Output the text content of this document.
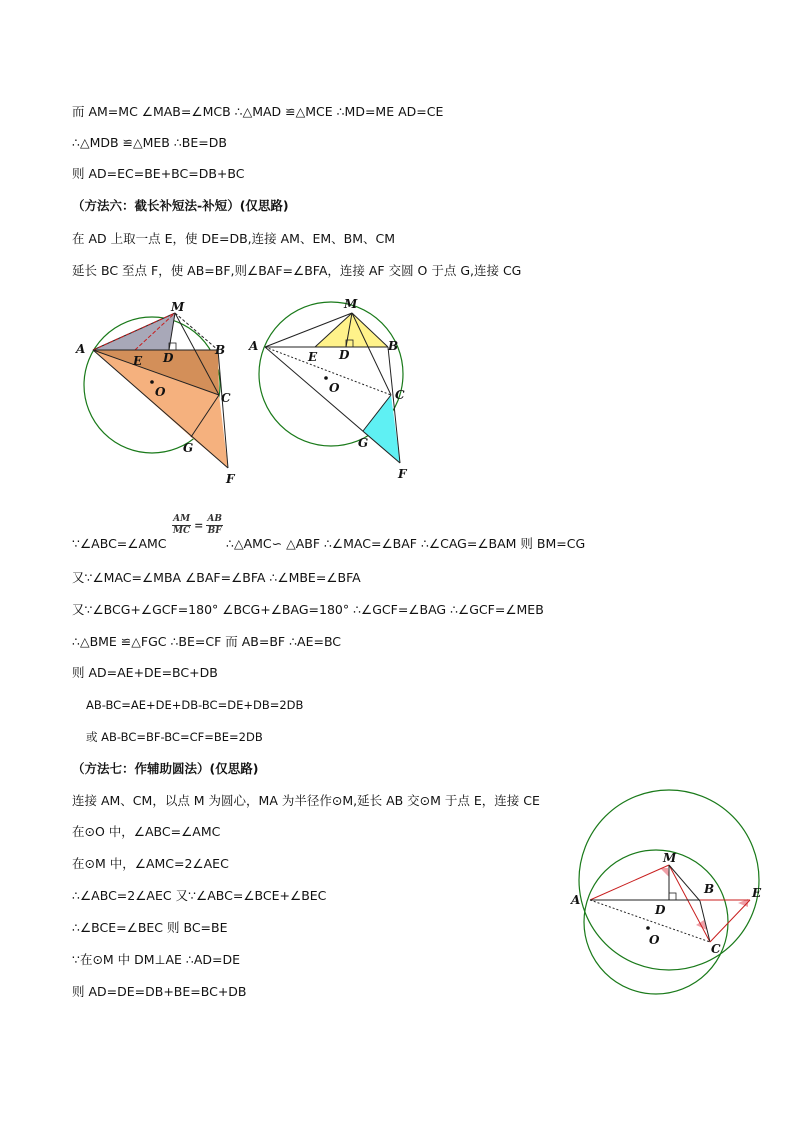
而 AM=MC ∠MAB=∠MCB ∴△MAD ≌△MCE ∴MD=ME AD=CE
∴△MDB ≌△MEB ∴BE=DB
则 AD=EC=BE+BC=DB+BC
（方法六：截长补短法-补短）(仅思路)
在 AD 上取一点 E，使 DE=DB,连接 AM、EM、BM、CM
延长 BC 至点 F，使 AB=BF,则∠BAF=∠BFA，连接 AF 交圆 O 于点 G,连接 CG
M
A
E D
B
O	C
G
F
M
A
E D
B
O	C
G
F
$\frac{AM}{MC} = \frac{AB}{BF}$
∵∠ABC=∠AMC	∴△AMC∽ △ABF ∴∠MAC=∠BAF ∴∠CAG=∠BAM 则 BM=CG
又∵∠MAC=∠MBA ∠BAF=∠BFA ∴∠MBE=∠BFA
又∵∠BCG+∠GCF=180° ∠BCG+∠BAG=180° ∴∠GCF=∠BAG ∴∠GCF=∠MEB
∴△BME ≌△FGC ∴BE=CF 而 AB=BF ∴AE=BC
则 AD=AE+DE=BC+DB
AB-BC=AE+DE+DB-BC=DE+DB=2DB
或 AB-BC=BF-BC=CF=BE=2DB
（方法七：作辅助圆法）(仅思路)
连接 AM、CM，以点 M 为圆心，MA 为半径作⊙M,延长 AB 交⊙M 于点 E，连接 CE
在⊙O 中，∠ABC=∠AMC
在⊙M 中，∠AMC=2∠AEC
∴∠ABC=2∠AEC 又∵∠ABC=∠BCE+∠BEC
∴∠BCE=∠BEC 则 BC=BE
∵在⊙M 中 DM⊥AE ∴AD=DE
则 AD=DE=DB+BE=BC+DB
M
A
D
B	E
O
C
